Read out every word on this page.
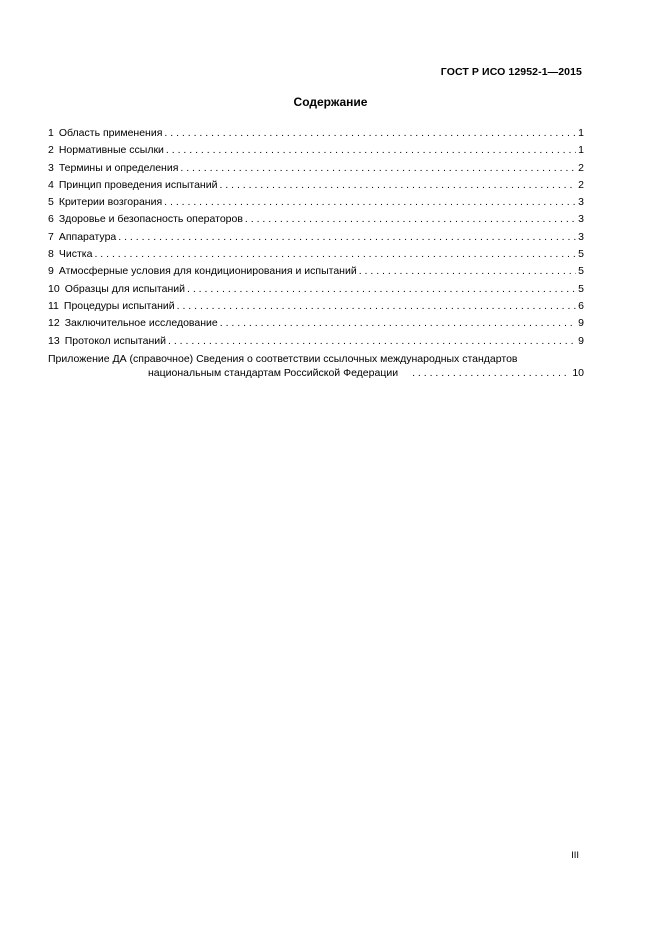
ГОСТ Р ИСО 12952-1—2015
Содержание
1 Область применения . . .	1
2 Нормативные ссылки . . .	1
3 Термины и определения . . .	2
4 Принцип проведения испытаний . . .	2
5 Критерии возгорания . . .	3
6 Здоровье и безопасность операторов . . .	3
7 Аппаратура . . .	3
8 Чистка . . .	5
9 Атмосферные условия для кондиционирования и испытаний . . .	5
10 Образцы для испытаний . . .	5
11 Процедуры испытаний . . .	6
12 Заключительное исследование . . .	9
13 Протокол испытаний . . .	9
Приложение ДА (справочное) Сведения о соответствии ссылочных международных стандартов
национальным стандартам Российской Федерации . . .	10
III
